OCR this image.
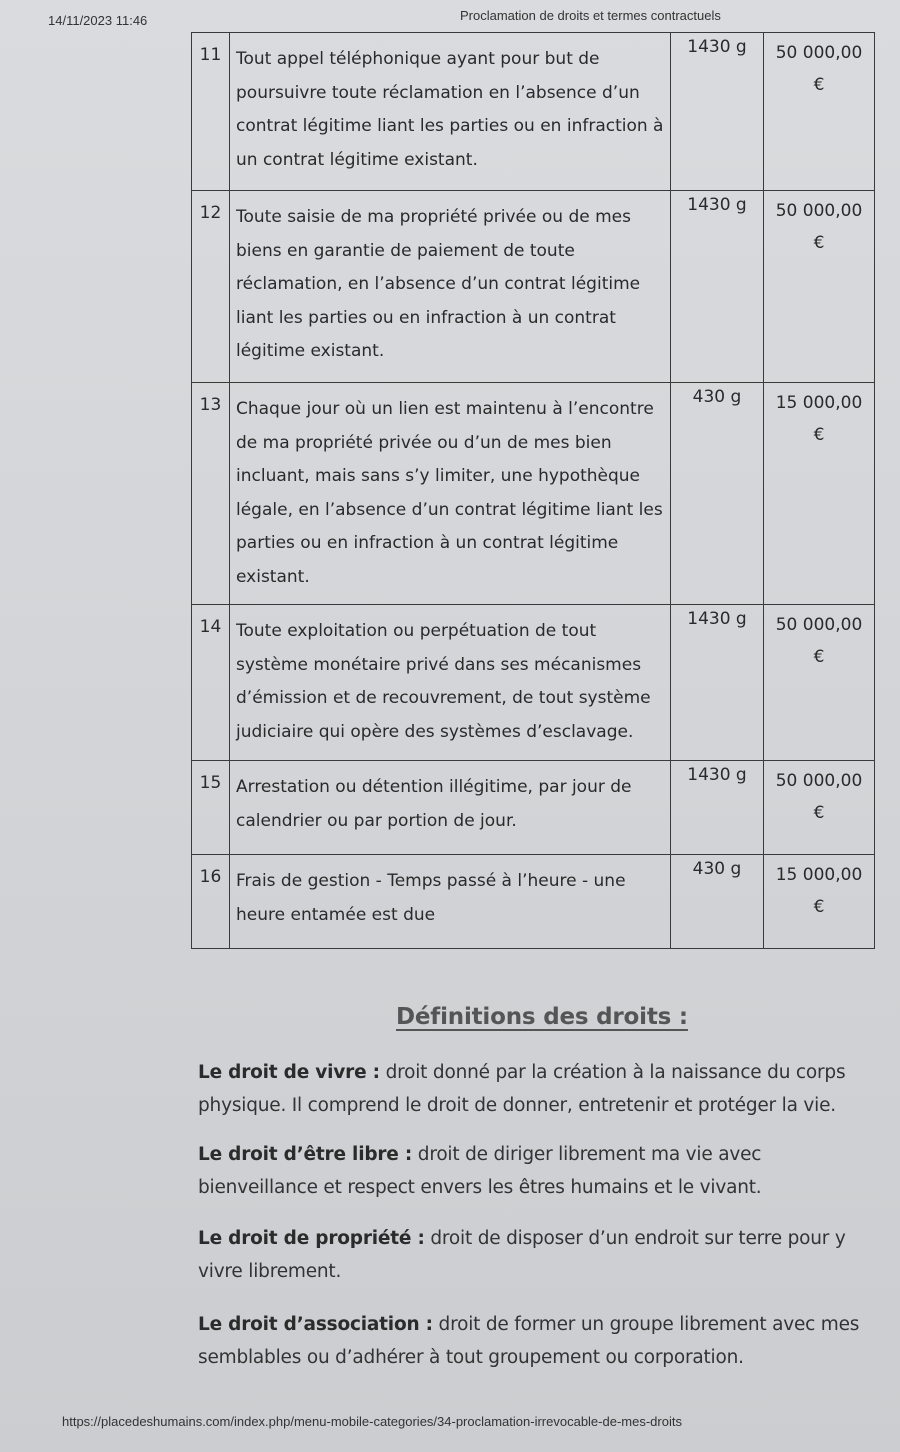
14/11/2023 11:46	Proclamation de droits et termes contractuels
11	Tout appel téléphonique ayant pour but de poursuivre toute réclamation en l’absence d’un contrat légitime liant les parties ou en infraction à un contrat légitime existant.	1430 g	50 000,00
€

12	Toute saisie de ma propriété privée ou de mes biens en garantie de paiement de toute réclamation, en l’absence d’un contrat légitime liant les parties ou en infraction à un contrat légitime existant.	1430 g	50 000,00
€

13	Chaque jour où un lien est maintenu à l’encontre de ma propriété privée ou d’un de mes bien incluant, mais sans s’y limiter, une hypothèque légale, en l’absence d’un contrat légitime liant les parties ou en infraction à un contrat légitime existant.	430 g	15 000,00
€

14	Toute exploitation ou perpétuation de tout système monétaire privé dans ses mécanismes d’émission et de recouvrement, de tout système judiciaire qui opère des systèmes d’esclavage.	1430 g	50 000,00
€

15	Arrestation ou détention illégitime, par jour de calendrier ou par portion de jour.	1430 g	50 000,00
€

16	Frais de gestion - Temps passé à l’heure - une heure entamée est due	430 g	15 000,00
€
Définitions des droits :
Le droit de vivre : droit donné par la création à la naissance du corps physique. Il comprend le droit de donner, entretenir et protéger la vie.
Le droit d’être libre : droit de diriger librement ma vie avec bienveillance et respect envers les êtres humains et le vivant.
Le droit de propriété : droit de disposer d’un endroit sur terre pour y vivre librement.
Le droit d’association : droit de former un groupe librement avec mes semblables ou d’adhérer à tout groupement ou corporation.
https://placedeshumains.com/index.php/menu-mobile-categories/34-proclamation-irrevocable-de-mes-droits
